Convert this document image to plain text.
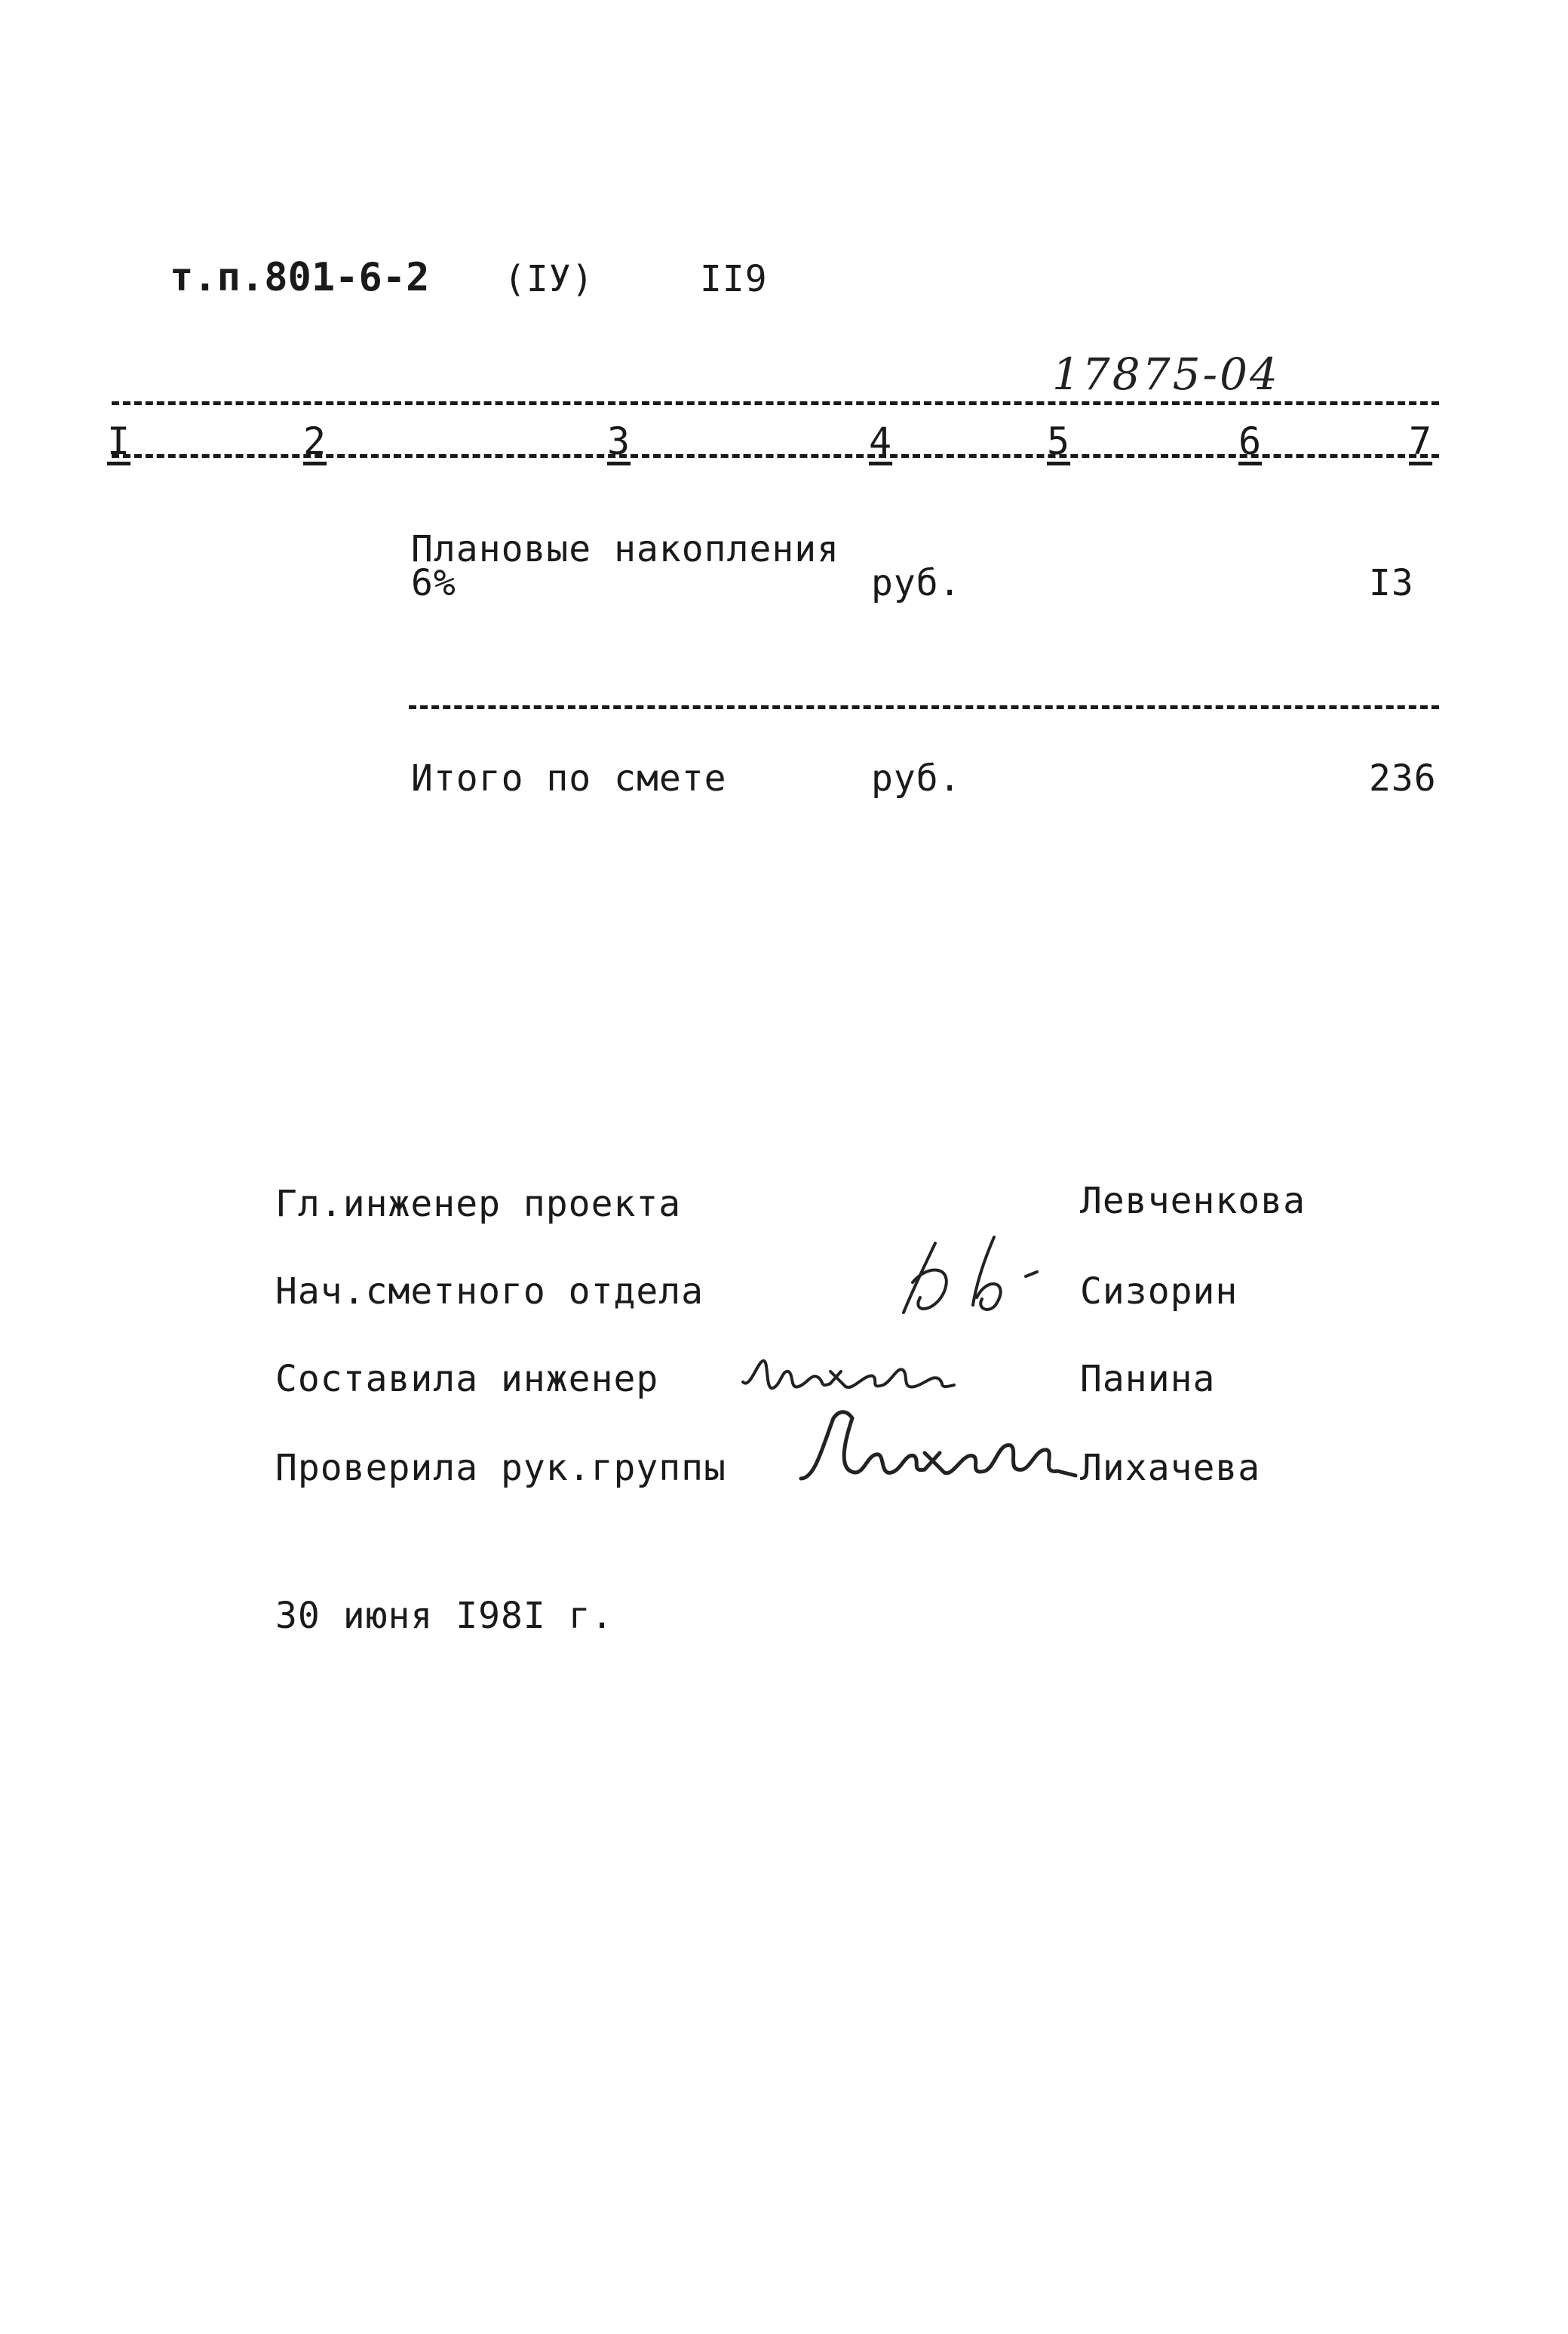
т.п.801-6-2 (IУ)	II9
17875-04
I	2	3	4	5	6	7
Плановые накопления
6%	руб.	I3
Итого по смете	руб.	236
Гл.инженер проекта	Левченкова
Нач.сметного отдела	Сизорин
Составила инженер	Панина
Проверила рук.группы	Лихачева
30 июня I98I г.
